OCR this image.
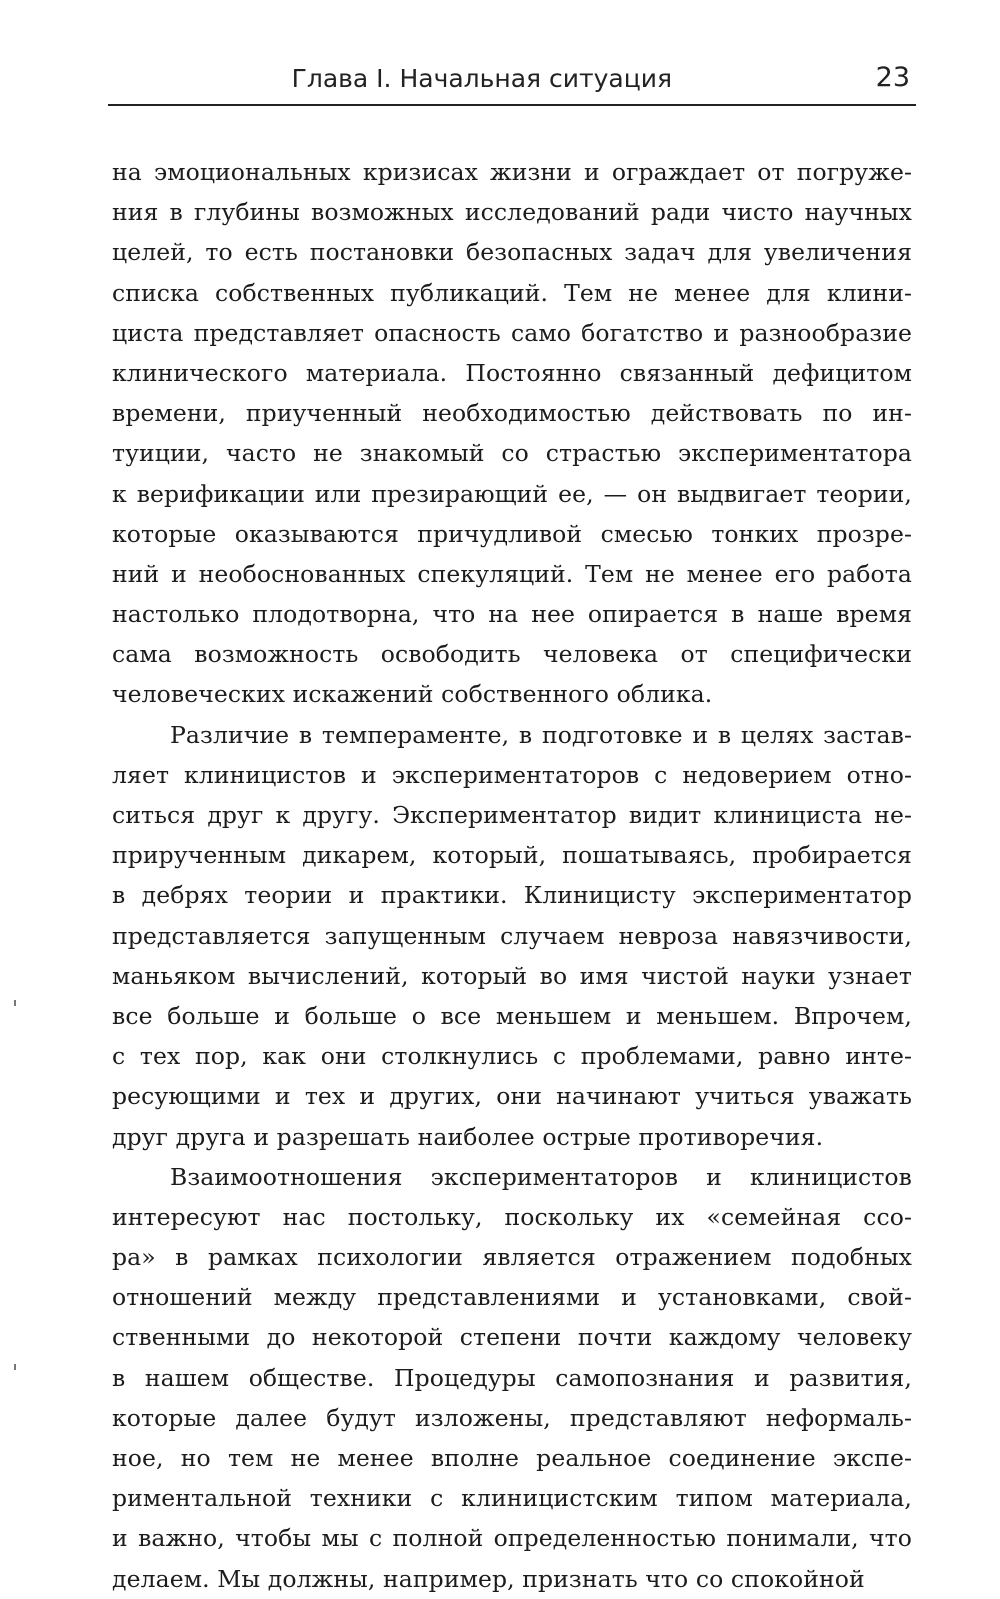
Глава I. Начальная ситуация	23
на эмоциональных кризисах жизни и ограждает от погруже-
ния в глубины возможных исследований ради чисто научных
целей, то есть постановки безопасных задач для увеличения
списка собственных публикаций. Тем не менее для клини-
циста представляет опасность само богатство и разнообразие
клинического материала. Постоянно связанный дефицитом
времени, приученный необходимостью действовать по ин-
туиции, часто не знакомый со страстью экспериментатора
к верификации или презирающий ее, — он выдвигает теории,
которые оказываются причудливой смесью тонких прозре-
ний и необоснованных спекуляций. Тем не менее его работа
настолько плодотворна, что на нее опирается в наше время
сама возможность освободить человека от специфически
человеческих искажений собственного облика.
Различие в темпераменте, в подготовке и в целях застав-
ляет клиницистов и экспериментаторов с недоверием отно-
ситься друг к другу. Экспериментатор видит клинициста не-
прирученным дикарем, который, пошатываясь, пробирается
в дебрях теории и практики. Клиницисту экспериментатор
представляется запущенным случаем невроза навязчивости,
маньяком вычислений, который во имя чистой науки узнает
все больше и больше о все меньшем и меньшем. Впрочем,
с тех пор, как они столкнулись с проблемами, равно инте-
ресующими и тех и других, они начинают учиться уважать
друг друга и разрешать наиболее острые противоречия.
Взаимоотношения экспериментаторов и клиницистов
интересуют нас постольку, поскольку их «семейная ссо-
ра» в рамках психологии является отражением подобных
отношений между представлениями и установками, свой-
ственными до некоторой степени почти каждому человеку
в нашем обществе. Процедуры самопознания и развития,
которые далее будут изложены, представляют неформаль-
ное, но тем не менее вполне реальное соединение экспе-
риментальной техники с клиницистским типом материала,
и важно, чтобы мы с полной определенностью понимали, что
делаем. Мы должны, например, признать что со спокойной
